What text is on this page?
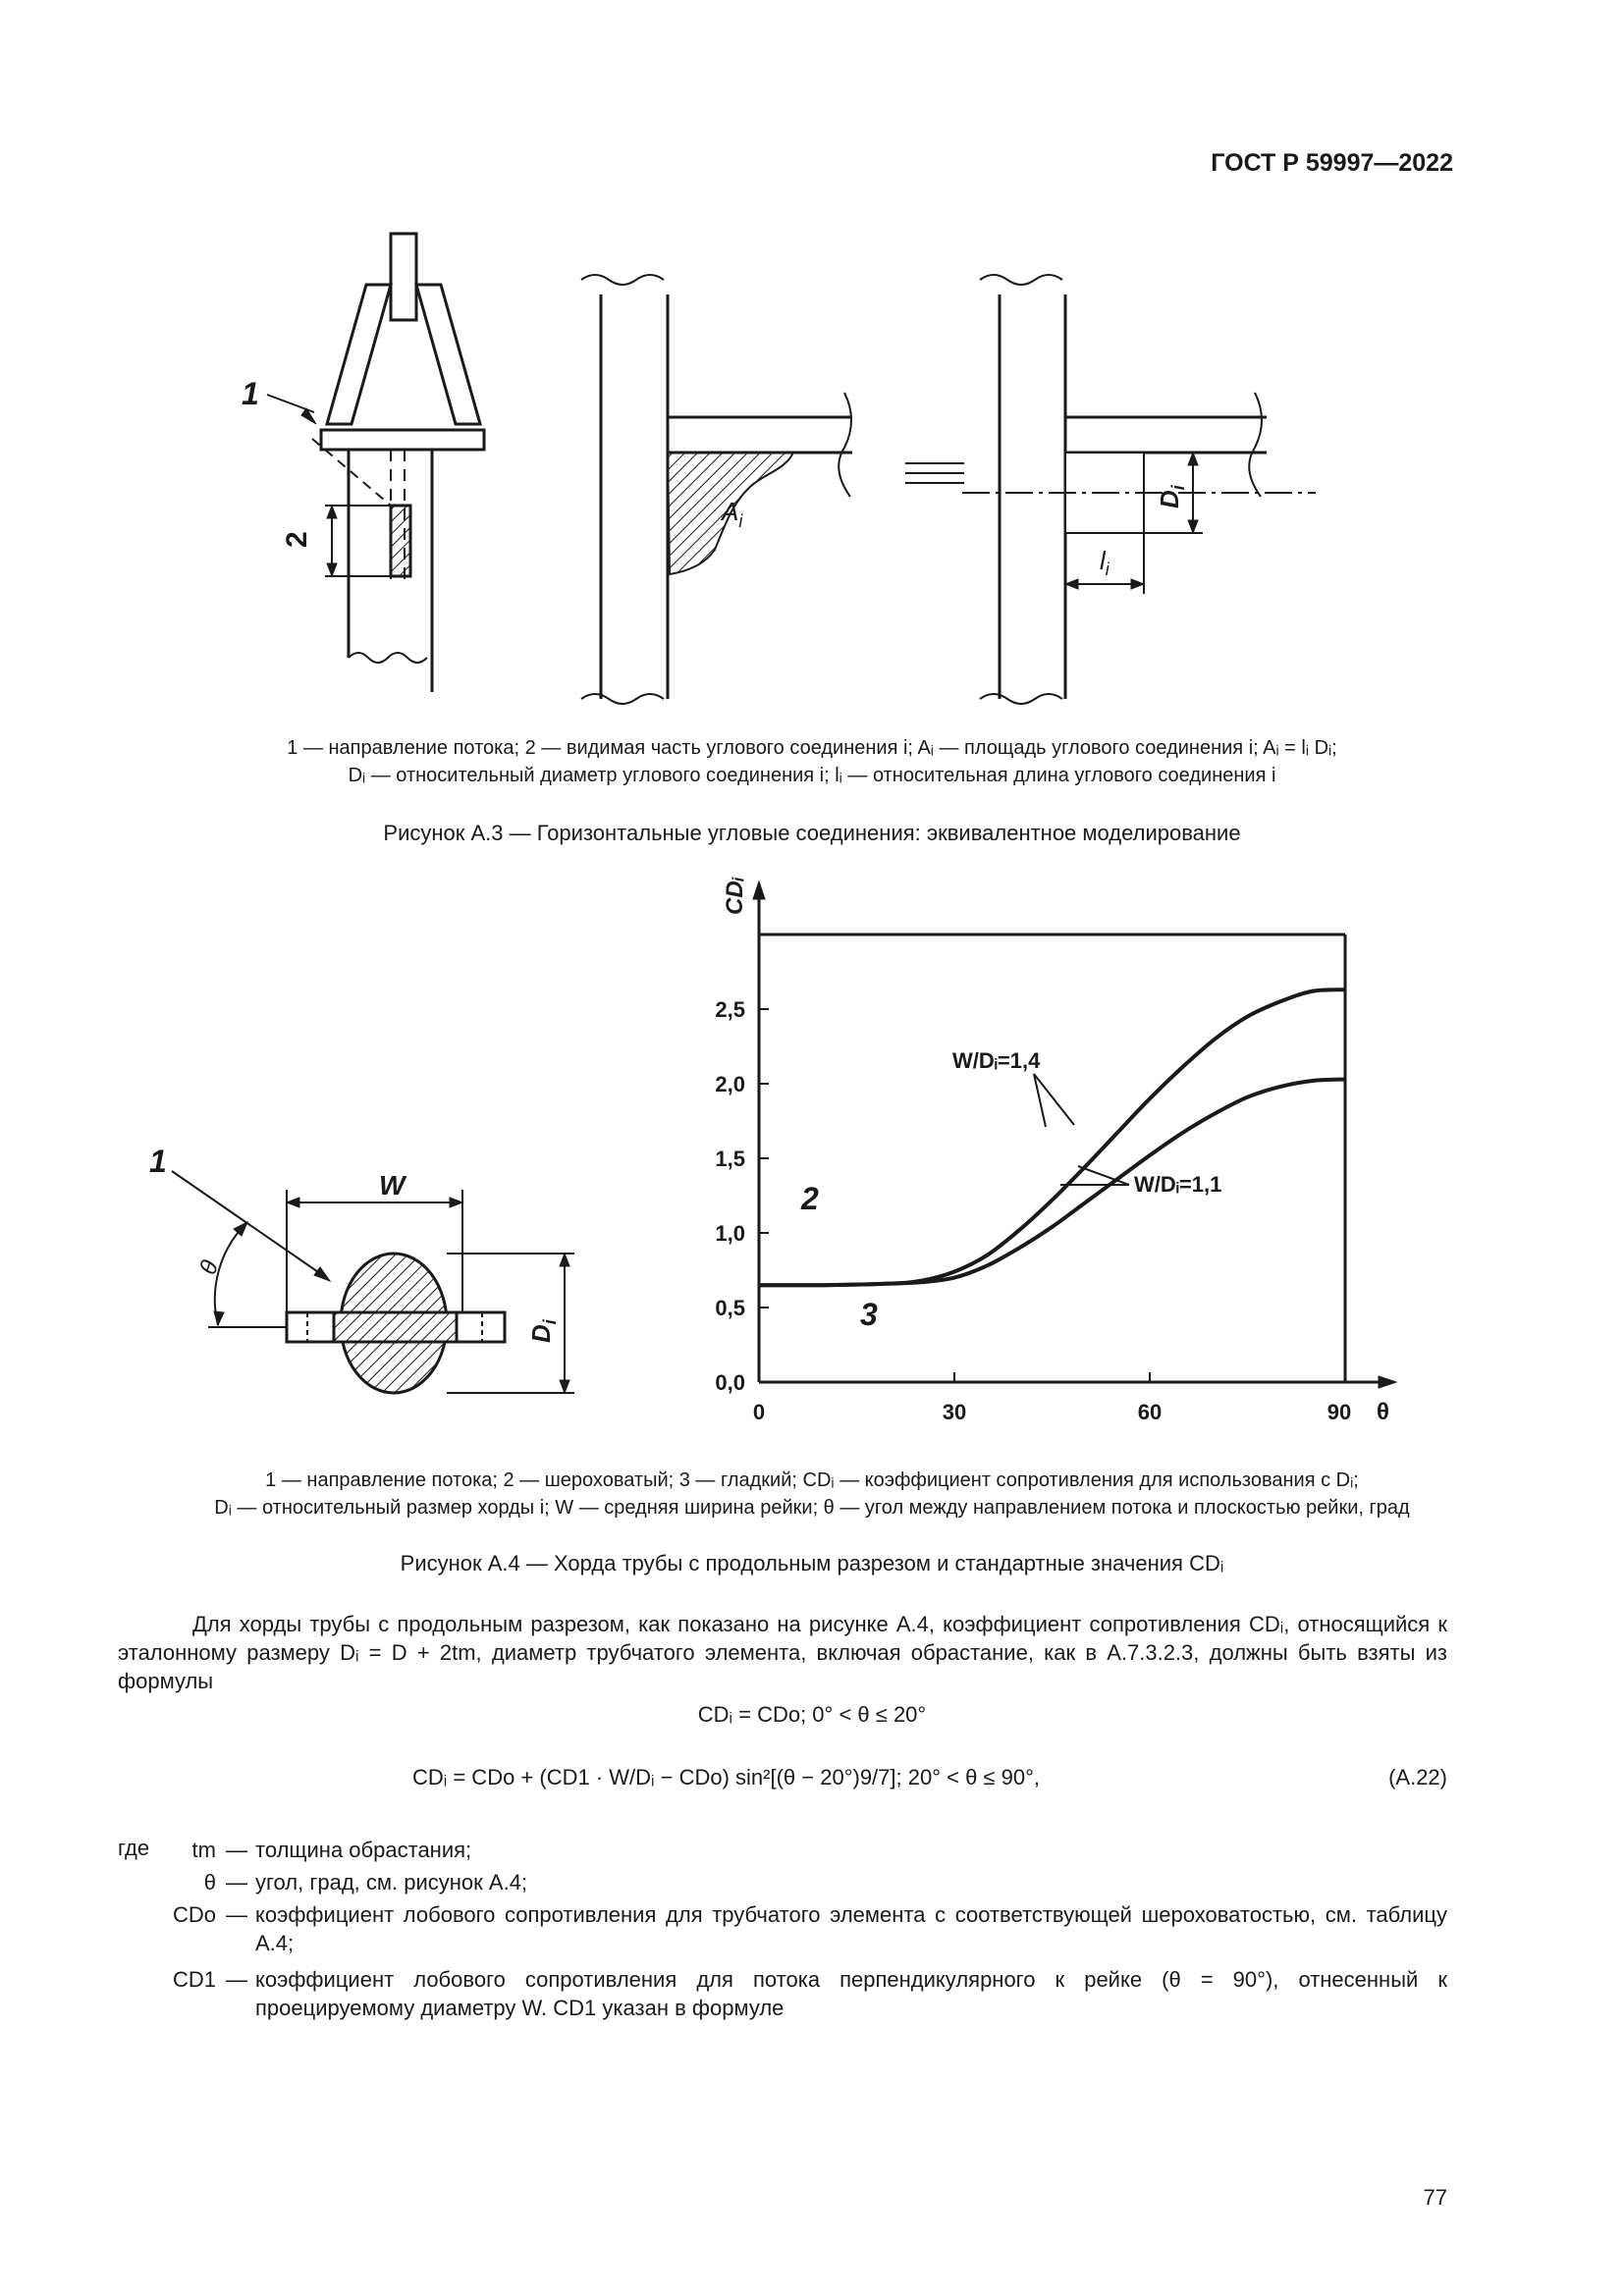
ГОСТ Р 59997—2022
1
2
$A_i$
$D_i$
$l_i$
1 — направление потока; 2 — видимая часть углового соединения i; Aᵢ — площадь углового соединения i; Aᵢ = lᵢ Dᵢ;
Dᵢ — относительный диаметр углового соединения i; lᵢ — относительная длина углового соединения i
Рисунок А.3 — Горизонтальные угловые соединения: эквивалентное моделирование
1
θ
W
$D_i$
CDᵢ
θ
0,0
0,5
1,0
1,5
2,0
2,5
0	30	60	90
W/Dᵢ=1,4
W/Dᵢ=1,1
2
3
1 — направление потока; 2 — шероховатый; 3 — гладкий; CDᵢ — коэффициент сопротивления для использования с Dᵢ;
Dᵢ — относительный размер хорды i; W — средняя ширина рейки; θ — угол между направлением потока и плоскостью рейки, град
Рисунок А.4 — Хорда трубы с продольным разрезом и стандартные значения CDᵢ
Для хорды трубы с продольным разрезом, как показано на рисунке А.4, коэффициент сопротивления CDᵢ, относящийся к эталонному размеру Dᵢ = D + 2tm, диаметр трубчатого элемента, включая обрастание, как в А.7.3.2.3, должны быть взяты из формулы
CDᵢ = CDo; 0° < θ ≤ 20°
CDᵢ = CDo + (CD1 · W/Dᵢ − CDo) sin²[(θ − 20°)9/7]; 20° < θ ≤ 90°,	(А.22)
где	tm — толщина обрастания;
θ — угол, град, см. рисунок А.4;
CDo — коэффициент лобового сопротивления для трубчатого элемента с соответствующей шероховатостью, см. таблицу А.4;
CD1 — коэффициент лобового сопротивления для потока перпендикулярного к рейке (θ = 90°), отнесенный к проецируемому диаметру W. CD1 указан в формуле
77
